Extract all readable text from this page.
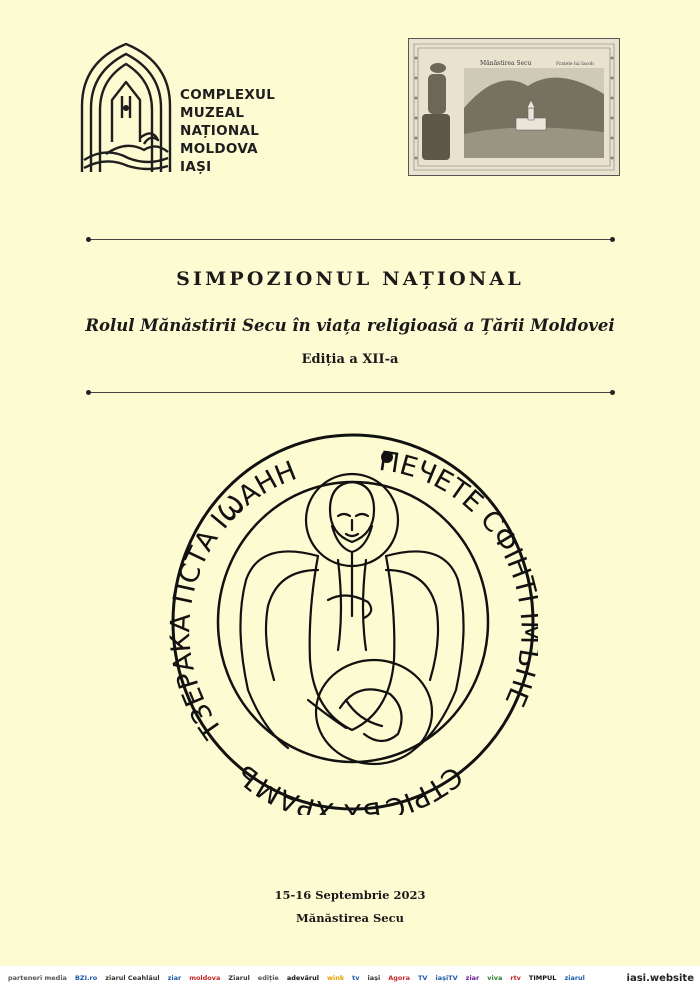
COMPLEXUL
MUZEAL
NAȚIONAL
MOLDOVA
IAȘI
Mănăstirea Secu	Fratele lui Iacob
SIMPOZIONUL NAȚIONAL
Rolul Mănăstirii Secu în viața religioasă a Țării Moldovei
Ediția a XII-a
ПЕЧЕТЕ СФІНТ НЕ
СТРІСЪХ ХРАМЪ
ТЗЕРАКА ПСТА ІѠАНН
15-16 Septembrie 2023
Mănăstirea Secu
parteneri media	BZI.ro	ziarul Ceahlăul	ziar	moldova	Ziarul	ediție	adevărul	wink	tv	iași	Agora	TV	iașiTV	ziar	viva	rtv	TIMPUL	ziarul	iasi.website
